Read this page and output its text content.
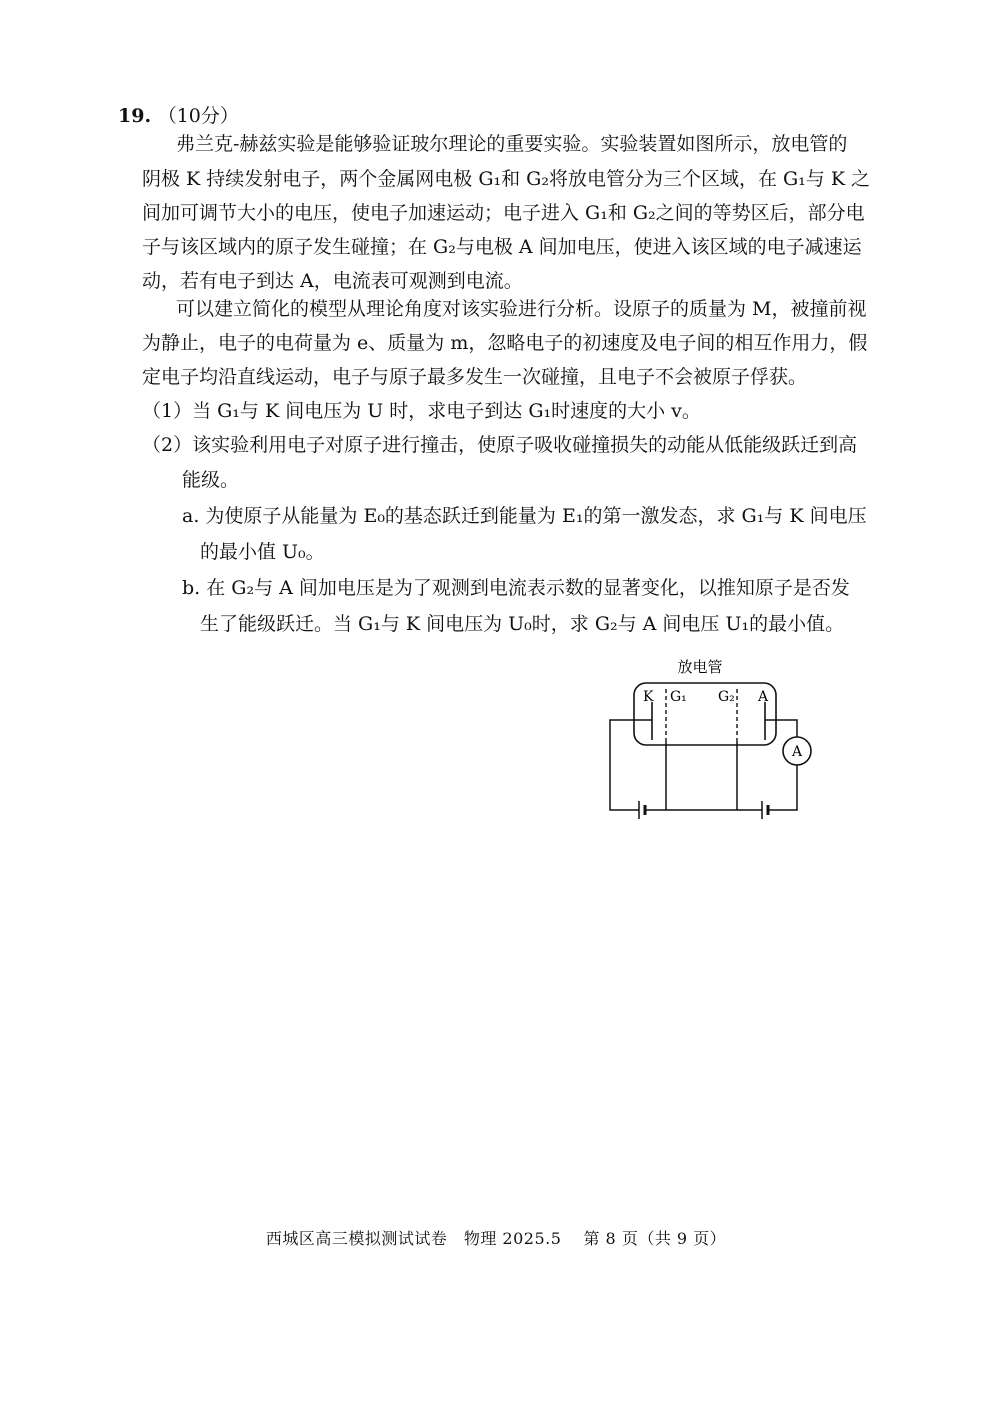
19. （10分）
弗兰克-赫兹实验是能够验证玻尔理论的重要实验。实验装置如图所示，放电管的
阴极 K 持续发射电子，两个金属网电极 G₁和 G₂将放电管分为三个区域，在 G₁与 K 之
间加可调节大小的电压，使电子加速运动；电子进入 G₁和 G₂之间的等势区后，部分电
子与该区域内的原子发生碰撞；在 G₂与电极 A 间加电压，使进入该区域的电子减速运
动，若有电子到达 A，电流表可观测到电流。
可以建立简化的模型从理论角度对该实验进行分析。设原子的质量为 M，被撞前视
为静止，电子的电荷量为 e、质量为 m，忽略电子的初速度及电子间的相互作用力，假
定电子均沿直线运动，电子与原子最多发生一次碰撞，且电子不会被原子俘获。
（1）当 G₁与 K 间电压为 U 时，求电子到达 G₁时速度的大小 v。
（2）该实验利用电子对原子进行撞击，使原子吸收碰撞损失的动能从低能级跃迁到高
能级。
a. 为使原子从能量为 E₀的基态跃迁到能量为 E₁的第一激发态，求 G₁与 K 间电压
的最小值 U₀。
b. 在 G₂与 A 间加电压是为了观测到电流表示数的显著变化，以推知原子是否发
生了能级跃迁。当 G₁与 K 间电压为 U₀时，求 G₂与 A 间电压 U₁的最小值。
放电管
K G₁ G₂ A
A
西城区高三模拟测试试卷　物理 2025.5　 第 8 页（共 9 页）
